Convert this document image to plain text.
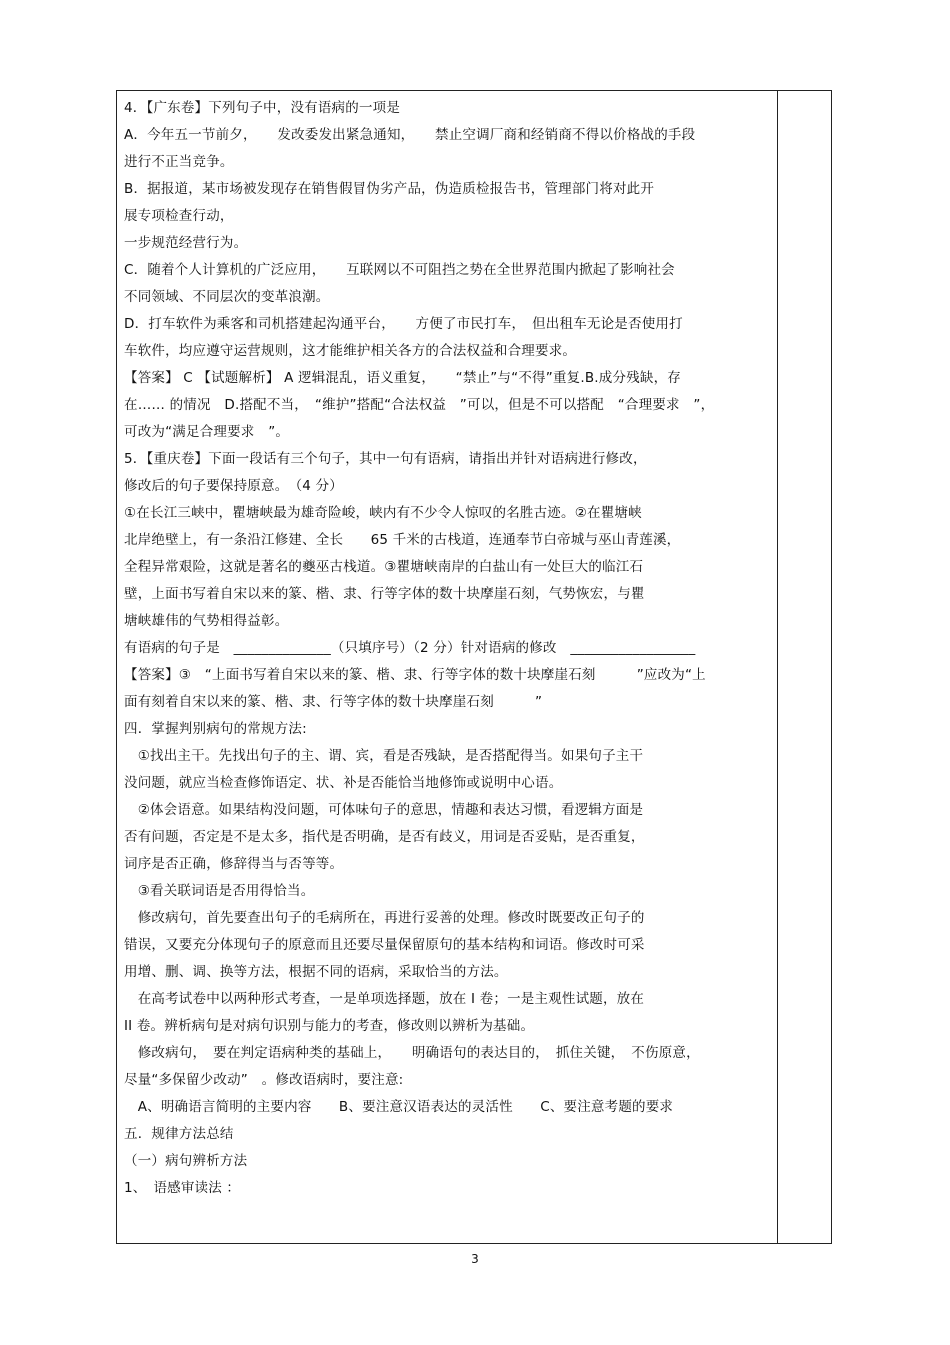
4．【广东卷】下列句子中，没有语病的一项是

A．今年五一节前夕，　　发改委发出紧急通知，　　禁止空调厂商和经销商不得以价格战的手段

进行不正当竞争。

B．据报道，某市场被发现存在销售假冒伪劣产品，伪造质检报告书，管理部门将对此开

展专项检查行动，

一步规范经营行为。

C．随着个人计算机的广泛应用，　　互联网以不可阻挡之势在全世界范围内掀起了影响社会

不同领域、不同层次的变革浪潮。

D．打车软件为乘客和司机搭建起沟通平台，　　方便了市民打车，　但出租车无论是否使用打

车软件，均应遵守运营规则，这才能维护相关各方的合法权益和合理要求。

【答案】 C 【试题解析】 A 逻辑混乱，语义重复，　　“禁止”与“不得”重复.B.成分残缺，存

在…… 的情况　D.搭配不当，　“维护”搭配“合法权益　”可以，但是不可以搭配　“合理要求　”，

可改为“满足合理要求　”。

5．【重庆卷】下面一段话有三个句子，其中一句有语病，请指出并针对语病进行修改，

修改后的句子要保持原意。　（4 分）

①在长江三峡中，瞿塘峡最为雄奇险峻，峡内有不少令人惊叹的名胜古迹。②在瞿塘峡

北岸绝壁上，有一条沿江修建、全长　　65 千米的古栈道，连通奉节白帝城与巫山青莲溪，

全程异常艰险，这就是著名的夔巫古栈道。③瞿塘峡南岸的白盐山有一处巨大的临江石

壁，上面书写着自宋以来的篆、楷、隶、行等字体的数十块摩崖石刻，气势恢宏，与瞿

塘峡雄伟的气势相得益彰。

有语病的句子是　______________（只填序号）（2 分）针对语病的修改　__________________

【答案】③　“上面书写着自宋以来的篆、楷、隶、行等字体的数十块摩崖石刻　　　”应改为“上

面有刻着自宋以来的篆、楷、隶、行等字体的数十块摩崖石刻　　　”

四．掌握判别病句的常规方法:

　①找出主干。先找出句子的主、谓、宾，看是否残缺，是否搭配得当。如果句子主干

没问题，就应当检查修饰语定、状、补是否能恰当地修饰或说明中心语。

　②体会语意。如果结构没问题，可体味句子的意思，情趣和表达习惯，看逻辑方面是

否有问题，否定是不是太多，指代是否明确，是否有歧义，用词是否妥贴，是否重复，

词序是否正确，修辞得当与否等等。

　③看关联词语是否用得恰当。

　修改病句，首先要查出句子的毛病所在，再进行妥善的处理。修改时既要改正句子的

错误，又要充分体现句子的原意而且还要尽量保留原句的基本结构和词语。修改时可采

用增、删、调、换等方法，根据不同的语病，采取恰当的方法。

　在高考试卷中以两种形式考查，一是单项选择题，放在 I 卷；一是主观性试题，放在

II 卷。辨析病句是对病句识别与能力的考查，修改则以辨析为基础。

　修改病句，　要在判定语病种类的基础上，　　明确语句的表达目的，　抓住关键，　不伤原意，

尽量“多保留少改动”　。修改语病时，要注意:

　A、明确语言简明的主要内容　　B、要注意汉语表达的灵活性　　C、要注意考题的要求

五．规律方法总结

（一）病句辨析方法

1、　语感审读法 ：

3
